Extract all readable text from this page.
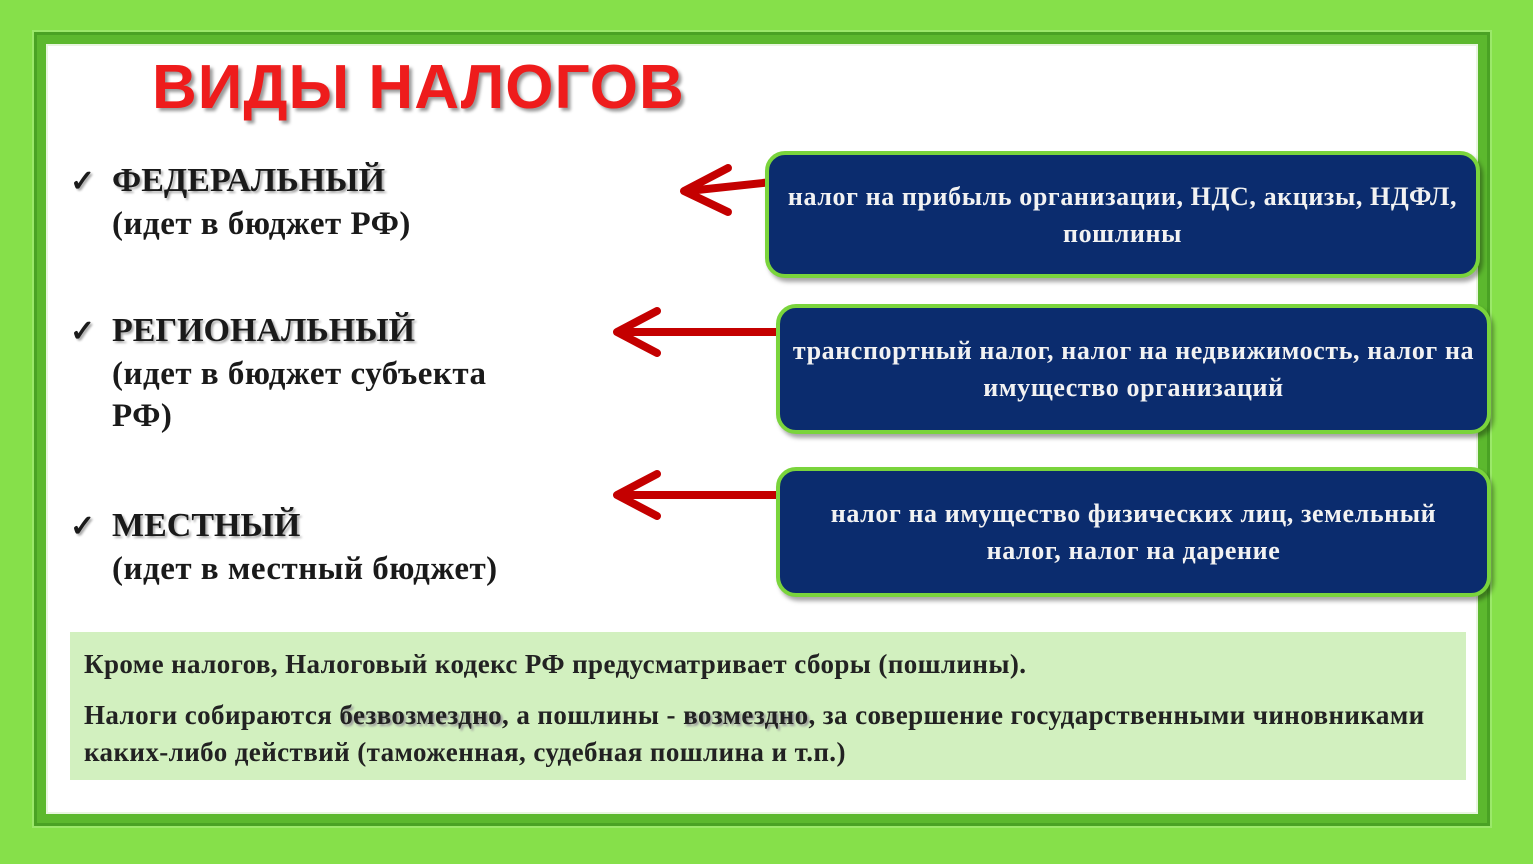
ВИДЫ НАЛОГОВ
✓ ФЕДЕРАЛЬНЫЙ
(идет в бюджет РФ)
✓ РЕГИОНАЛЬНЫЙ
(идет в бюджет субъекта РФ)
✓ МЕСТНЫЙ
(идет в местный бюджет)
налог на прибыль организации, НДС, акцизы, НДФЛ, пошлины
транспортный налог, налог на недвижимость, налог на имущество организаций
налог на имущество физических лиц, земельный налог, налог на дарение

Кроме налогов, Налоговый кодекс РФ предусматривает сборы (пошлины).

Налоги собираются безвозмездно, а пошлины - возмездно, за совершение государственными чиновниками каких-либо действий (таможенная, судебная пошлина и т.п.)
